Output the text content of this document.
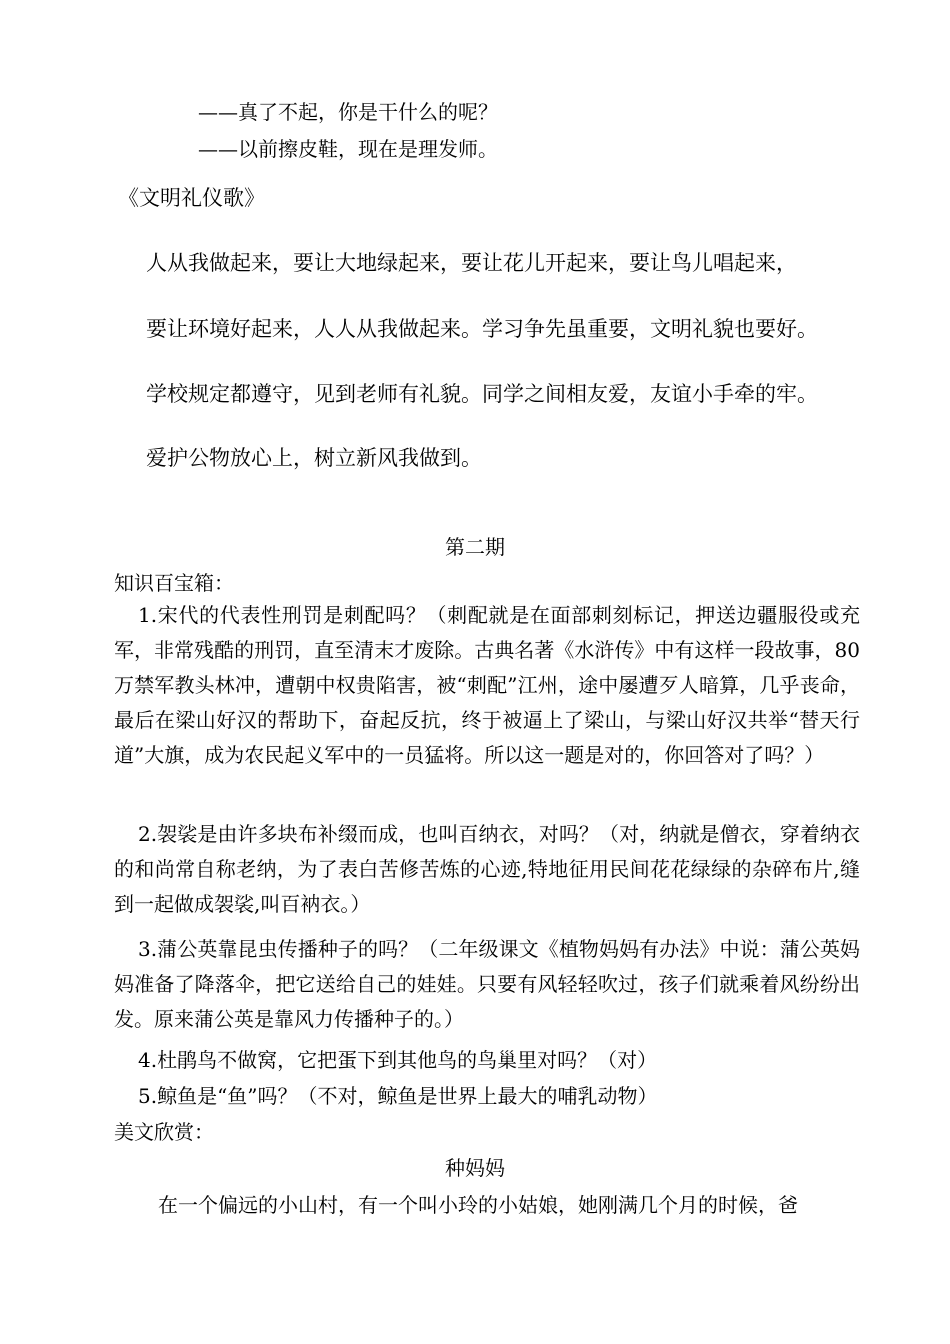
——真了不起，你是干什么的呢？
——以前擦皮鞋，现在是理发师。
《文明礼仪歌》
人从我做起来，要让大地绿起来，要让花儿开起来，要让鸟儿唱起来，
要让环境好起来，人人从我做起来。学习争先虽重要，文明礼貌也要好。
学校规定都遵守，见到老师有礼貌。同学之间相友爱，友谊小手牵的牢。
爱护公物放心上，树立新风我做到。
第二期
知识百宝箱：
1.宋代的代表性刑罚是刺配吗？（刺配就是在面部刺刻标记，押送边疆服役或充军，非常残酷的刑罚，直至清末才废除。古典名著《水浒传》中有这样一段故事，80万禁军教头林冲，遭朝中权贵陷害，被“刺配”江州，途中屡遭歹人暗算，几乎丧命，最后在梁山好汉的帮助下，奋起反抗，终于被逼上了梁山，与梁山好汉共举“替天行道”大旗，成为农民起义军中的一员猛将。所以这一题是对的，你回答对了吗？）
2.袈裟是由许多块布补缀而成，也叫百纳衣，对吗？（对，纳就是僧衣，穿着纳衣的和尚常自称老纳，为了表白苦修苦炼的心迹,特地征用民间花花绿绿的杂碎布片,缝到一起做成袈裟,叫百衲衣。）
3.蒲公英靠昆虫传播种子的吗？（二年级课文《植物妈妈有办法》中说：蒲公英妈妈准备了降落伞，把它送给自己的娃娃。只要有风轻轻吹过，孩子们就乘着风纷纷出发。原来蒲公英是靠风力传播种子的。）
4.杜鹃鸟不做窝，它把蛋下到其他鸟的鸟巢里对吗？（对）
5.鲸鱼是“鱼”吗？（不对，鲸鱼是世界上最大的哺乳动物）
美文欣赏：
种妈妈
在一个偏远的小山村，有一个叫小玲的小姑娘，她刚满几个月的时候，爸
